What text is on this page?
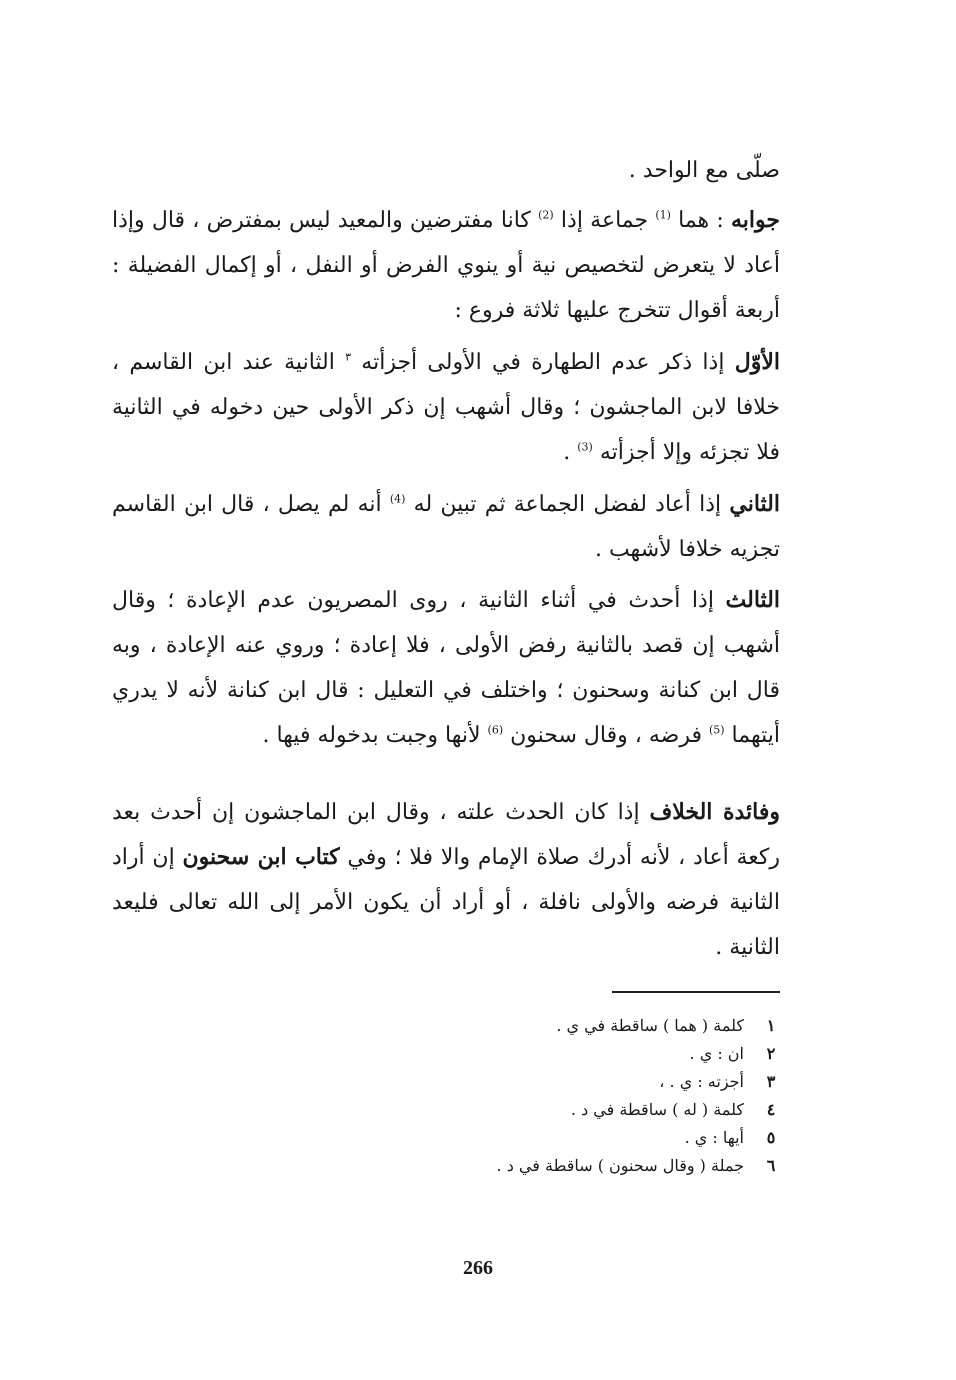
صلّى مع الواحد .

جوابه : هما $^{(1)}$ جماعة إذا $^{(2)}$ كانا مفترضين والمعيد ليس بمفترض ، قال وإذا أعاد لا يتعرض لتخصيص نية أو ينوي الفرض أو النفل ، أو إكمال الفضيلة : أربعة أقوال تتخرج عليها ثلاثة فروع :

الأوّل إذا ذكر عدم الطهارة في الأولى أجزأته $^٣$ الثانية عند ابن القاسم ، خلافا لابن الماجشون ؛ وقال أشهب إن ذكر الأولى حين دخوله في الثانية فلا تجزئه وإلا أجزأته $^{(3)}$ .

الثاني إذا أعاد لفضل الجماعة ثم تبين له $^{(4)}$ أنه لم يصل ، قال ابن القاسم تجزيه خلافا لأشهب .

الثالث إذا أحدث في أثناء الثانية ، روى المصريون عدم الإعادة ؛ وقال أشهب إن قصد بالثانية رفض الأولى ، فلا إعادة ؛ وروي عنه الإعادة ، وبه قال ابن كنانة وسحنون ؛ واختلف في التعليل : قال ابن كنانة لأنه لا يدري أيتهما $^{(5)}$ فرضه ، وقال سحنون $^{(6)}$ لأنها وجبت بدخوله فيها .

وفائدة الخلاف إذا كان الحدث علته ، وقال ابن الماجشون إن أحدث بعد ركعة أعاد ، لأنه أدرك صلاة الإمام والا فلا ؛ وفي كتاب ابن سحنون إن أراد الثانية فرضه والأولى نافلة ، أو أراد أن يكون الأمر إلى الله تعالى فليعد الثانية .

١
كلمة ( هما ) ساقطة في ي .
٢
ان : ي .
٣
أجزته : ي . ،
٤
كلمة ( له ) ساقطة في د .
٥
أيها : ي .
٦
جملة ( وقال سحنون ) ساقطة في د .
266
